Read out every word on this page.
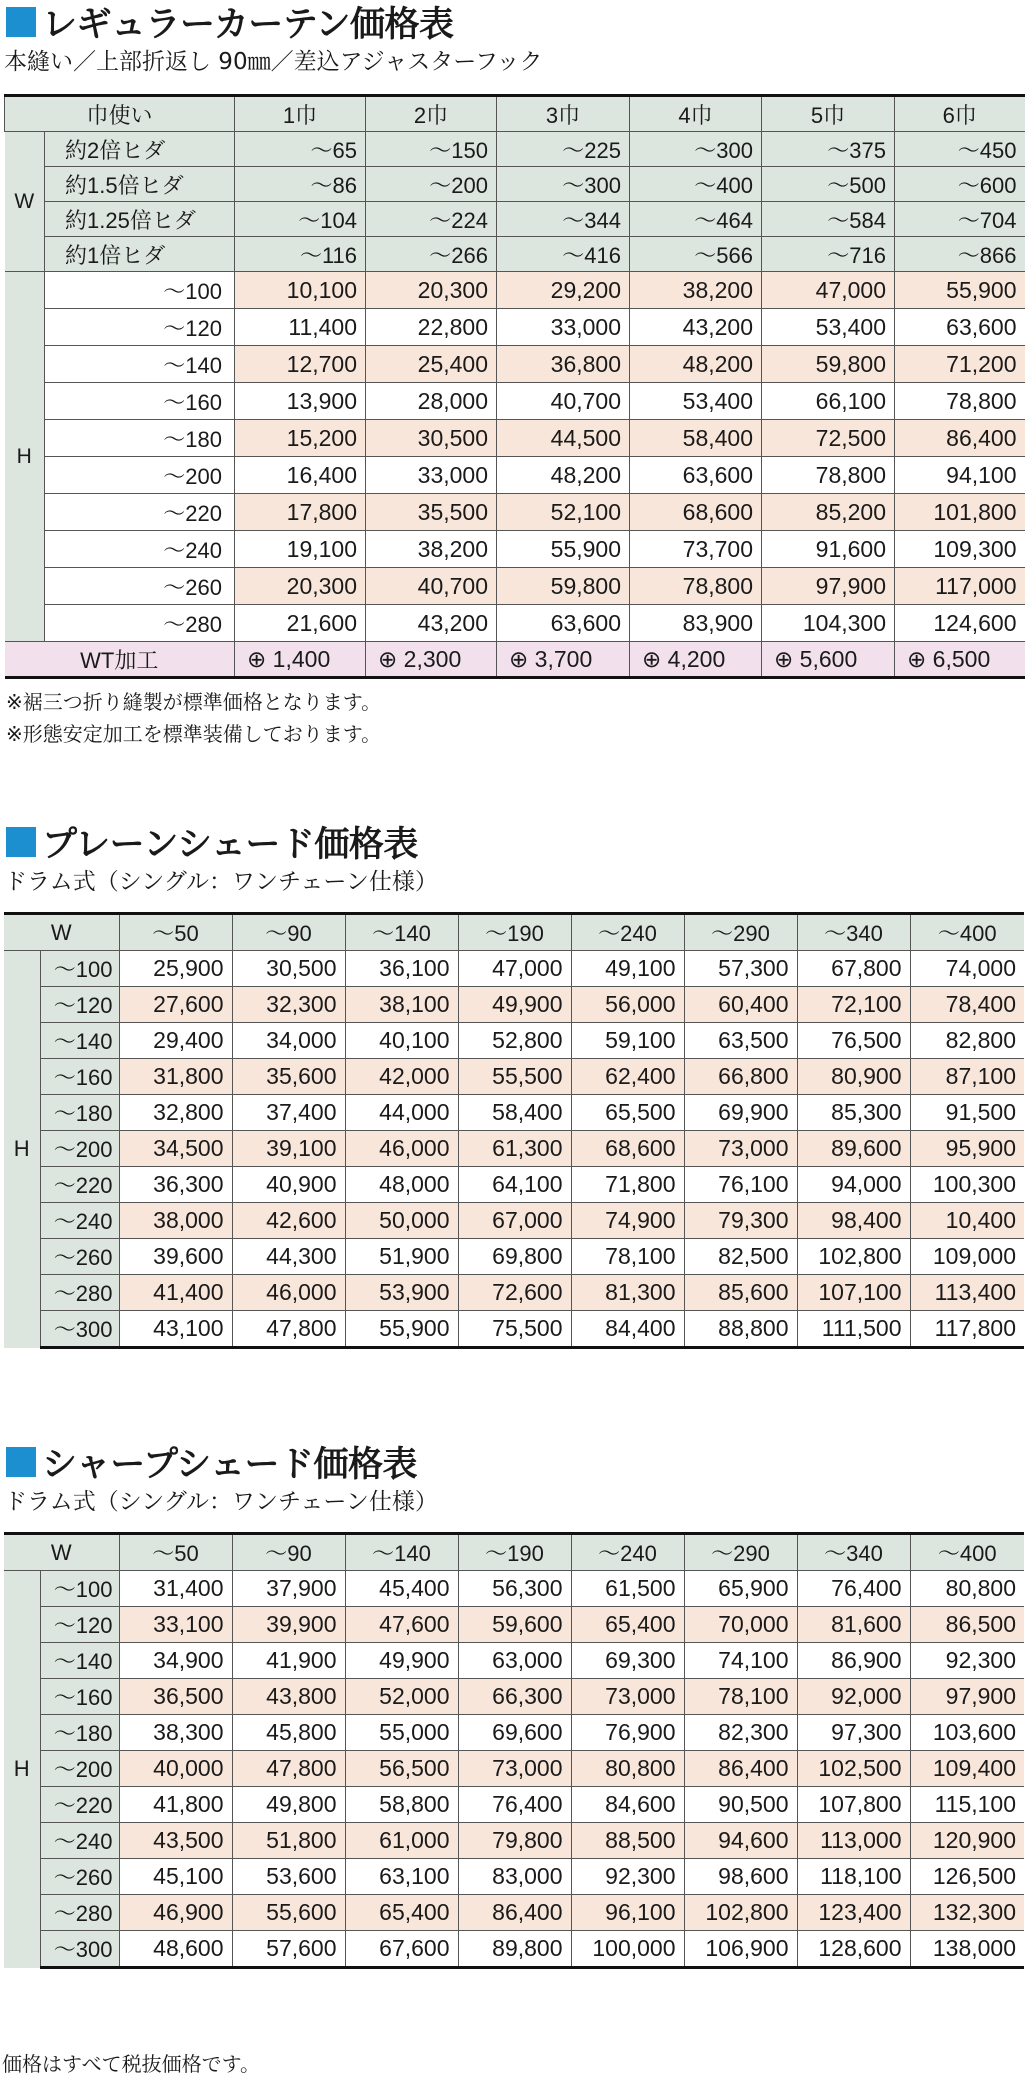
レギュラーカーテン価格表
本縫い／上部折返し 90㎜／差込アジャスターフック
巾使い		1巾	2巾	3巾	4巾	5巾	6巾
W	約2倍ヒダ	～65	～150	～225	～300	～375	～450
	約1.5倍ヒダ	～86	～200	～300	～400	～500	～600
	約1.25倍ヒダ	～104	～224	～344	～464	～584	～704
	約1倍ヒダ	～116	～266	～416	～566	～716	～866
H	～100	10,100	20,300	29,200	38,200	47,000	55,900
	～120	11,400	22,800	33,000	43,200	53,400	63,600
	～140	12,700	25,400	36,800	48,200	59,800	71,200
	～160	13,900	28,000	40,700	53,400	66,100	78,800
	～180	15,200	30,500	44,500	58,400	72,500	86,400
	～200	16,400	33,000	48,200	63,600	78,800	94,100
	～220	17,800	35,500	52,100	68,600	85,200	101,800
	～240	19,100	38,200	55,900	73,700	91,600	109,300
	～260	20,300	40,700	59,800	78,800	97,900	117,000
	～280	21,600	43,200	63,600	83,900	104,300	124,600
WT加工		⊕ 1,400	⊕ 2,300	⊕ 3,700	⊕ 4,200	⊕ 5,600	⊕ 6,500
※裾三つ折り縫製が標準価格となります。
※形態安定加工を標準装備しております。
プレーンシェード価格表
ドラム式（シングル：ワンチェーン仕様）
W		～50	～90	～140	～190	～240	～290	～340	～400
H	～100	25,900	30,500	36,100	47,000	49,100	57,300	67,800	74,000
	～120	27,600	32,300	38,100	49,900	56,000	60,400	72,100	78,400
	～140	29,400	34,000	40,100	52,800	59,100	63,500	76,500	82,800
	～160	31,800	35,600	42,000	55,500	62,400	66,800	80,900	87,100
	～180	32,800	37,400	44,000	58,400	65,500	69,900	85,300	91,500
	～200	34,500	39,100	46,000	61,300	68,600	73,000	89,600	95,900
	～220	36,300	40,900	48,000	64,100	71,800	76,100	94,000	100,300
	～240	38,000	42,600	50,000	67,000	74,900	79,300	98,400	10,400
	～260	39,600	44,300	51,900	69,800	78,100	82,500	102,800	109,000
	～280	41,400	46,000	53,900	72,600	81,300	85,600	107,100	113,400
	～300	43,100	47,800	55,900	75,500	84,400	88,800	111,500	117,800
シャープシェード価格表
ドラム式（シングル：ワンチェーン仕様）
W		～50	～90	～140	～190	～240	～290	～340	～400
H	～100	31,400	37,900	45,400	56,300	61,500	65,900	76,400	80,800
	～120	33,100	39,900	47,600	59,600	65,400	70,000	81,600	86,500
	～140	34,900	41,900	49,900	63,000	69,300	74,100	86,900	92,300
	～160	36,500	43,800	52,000	66,300	73,000	78,100	92,000	97,900
	～180	38,300	45,800	55,000	69,600	76,900	82,300	97,300	103,600
	～200	40,000	47,800	56,500	73,000	80,800	86,400	102,500	109,400
	～220	41,800	49,800	58,800	76,400	84,600	90,500	107,800	115,100
	～240	43,500	51,800	61,000	79,800	88,500	94,600	113,000	120,900
	～260	45,100	53,600	63,100	83,000	92,300	98,600	118,100	126,500
	～280	46,900	55,600	65,400	86,400	96,100	102,800	123,400	132,300
	～300	48,600	57,600	67,600	89,800	100,000	106,900	128,600	138,000
価格はすべて税抜価格です。
